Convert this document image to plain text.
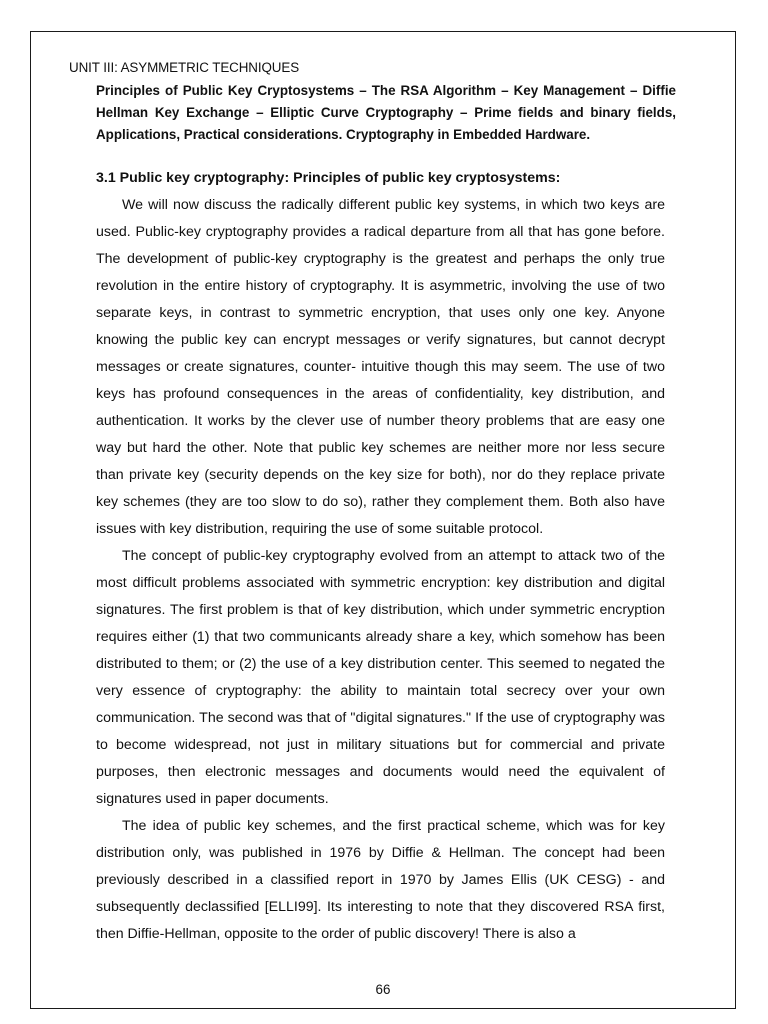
UNIT III: ASYMMETRIC TECHNIQUES
Principles of Public Key Cryptosystems – The RSA Algorithm – Key Management – Diffie Hellman Key Exchange – Elliptic Curve Cryptography – Prime fields and binary fields, Applications, Practical considerations. Cryptography in Embedded Hardware.
3.1 Public key cryptography: Principles of public key cryptosystems:

We will now discuss the radically different public key systems, in which two keys are used. Public-key cryptography provides a radical departure from all that has gone before. The development of public-key cryptography is the greatest and perhaps the only true revolution in the entire history of cryptography. It is asymmetric, involving the use of two separate keys, in contrast to symmetric encryption, that uses only one key. Anyone knowing the public key can encrypt messages or verify signatures, but cannot decrypt messages or create signatures, counter- intuitive though this may seem. The use of two keys has profound consequences in the areas of confidentiality, key distribution, and authentication. It works by the clever use of number theory problems that are easy one way but hard the other. Note that public key schemes are neither more nor less secure than private key (security depends on the key size for both), nor do they replace private key schemes (they are too slow to do so), rather they complement them. Both also have issues with key distribution, requiring the use of some suitable protocol.

The concept of public-key cryptography evolved from an attempt to attack two of the most difficult problems associated with symmetric encryption: key distribution and digital signatures. The first problem is that of key distribution, which under symmetric encryption requires either (1) that two communicants already share a key, which somehow has been distributed to them; or (2) the use of a key distribution center. This seemed to negated the very essence of cryptography: the ability to maintain total secrecy over your own communication. The second was that of "digital signatures." If the use of cryptography was to become widespread, not just in military situations but for commercial and private purposes, then electronic messages and documents would need the equivalent of signatures used in paper documents.

The idea of public key schemes, and the first practical scheme, which was for key distribution only, was published in 1976 by Diffie & Hellman. The concept had been previously described in a classified report in 1970 by James Ellis (UK CESG) - and subsequently declassified [ELLI99]. Its interesting to note that they discovered RSA first, then Diffie-Hellman, opposite to the order of public discovery! There is also a

66
